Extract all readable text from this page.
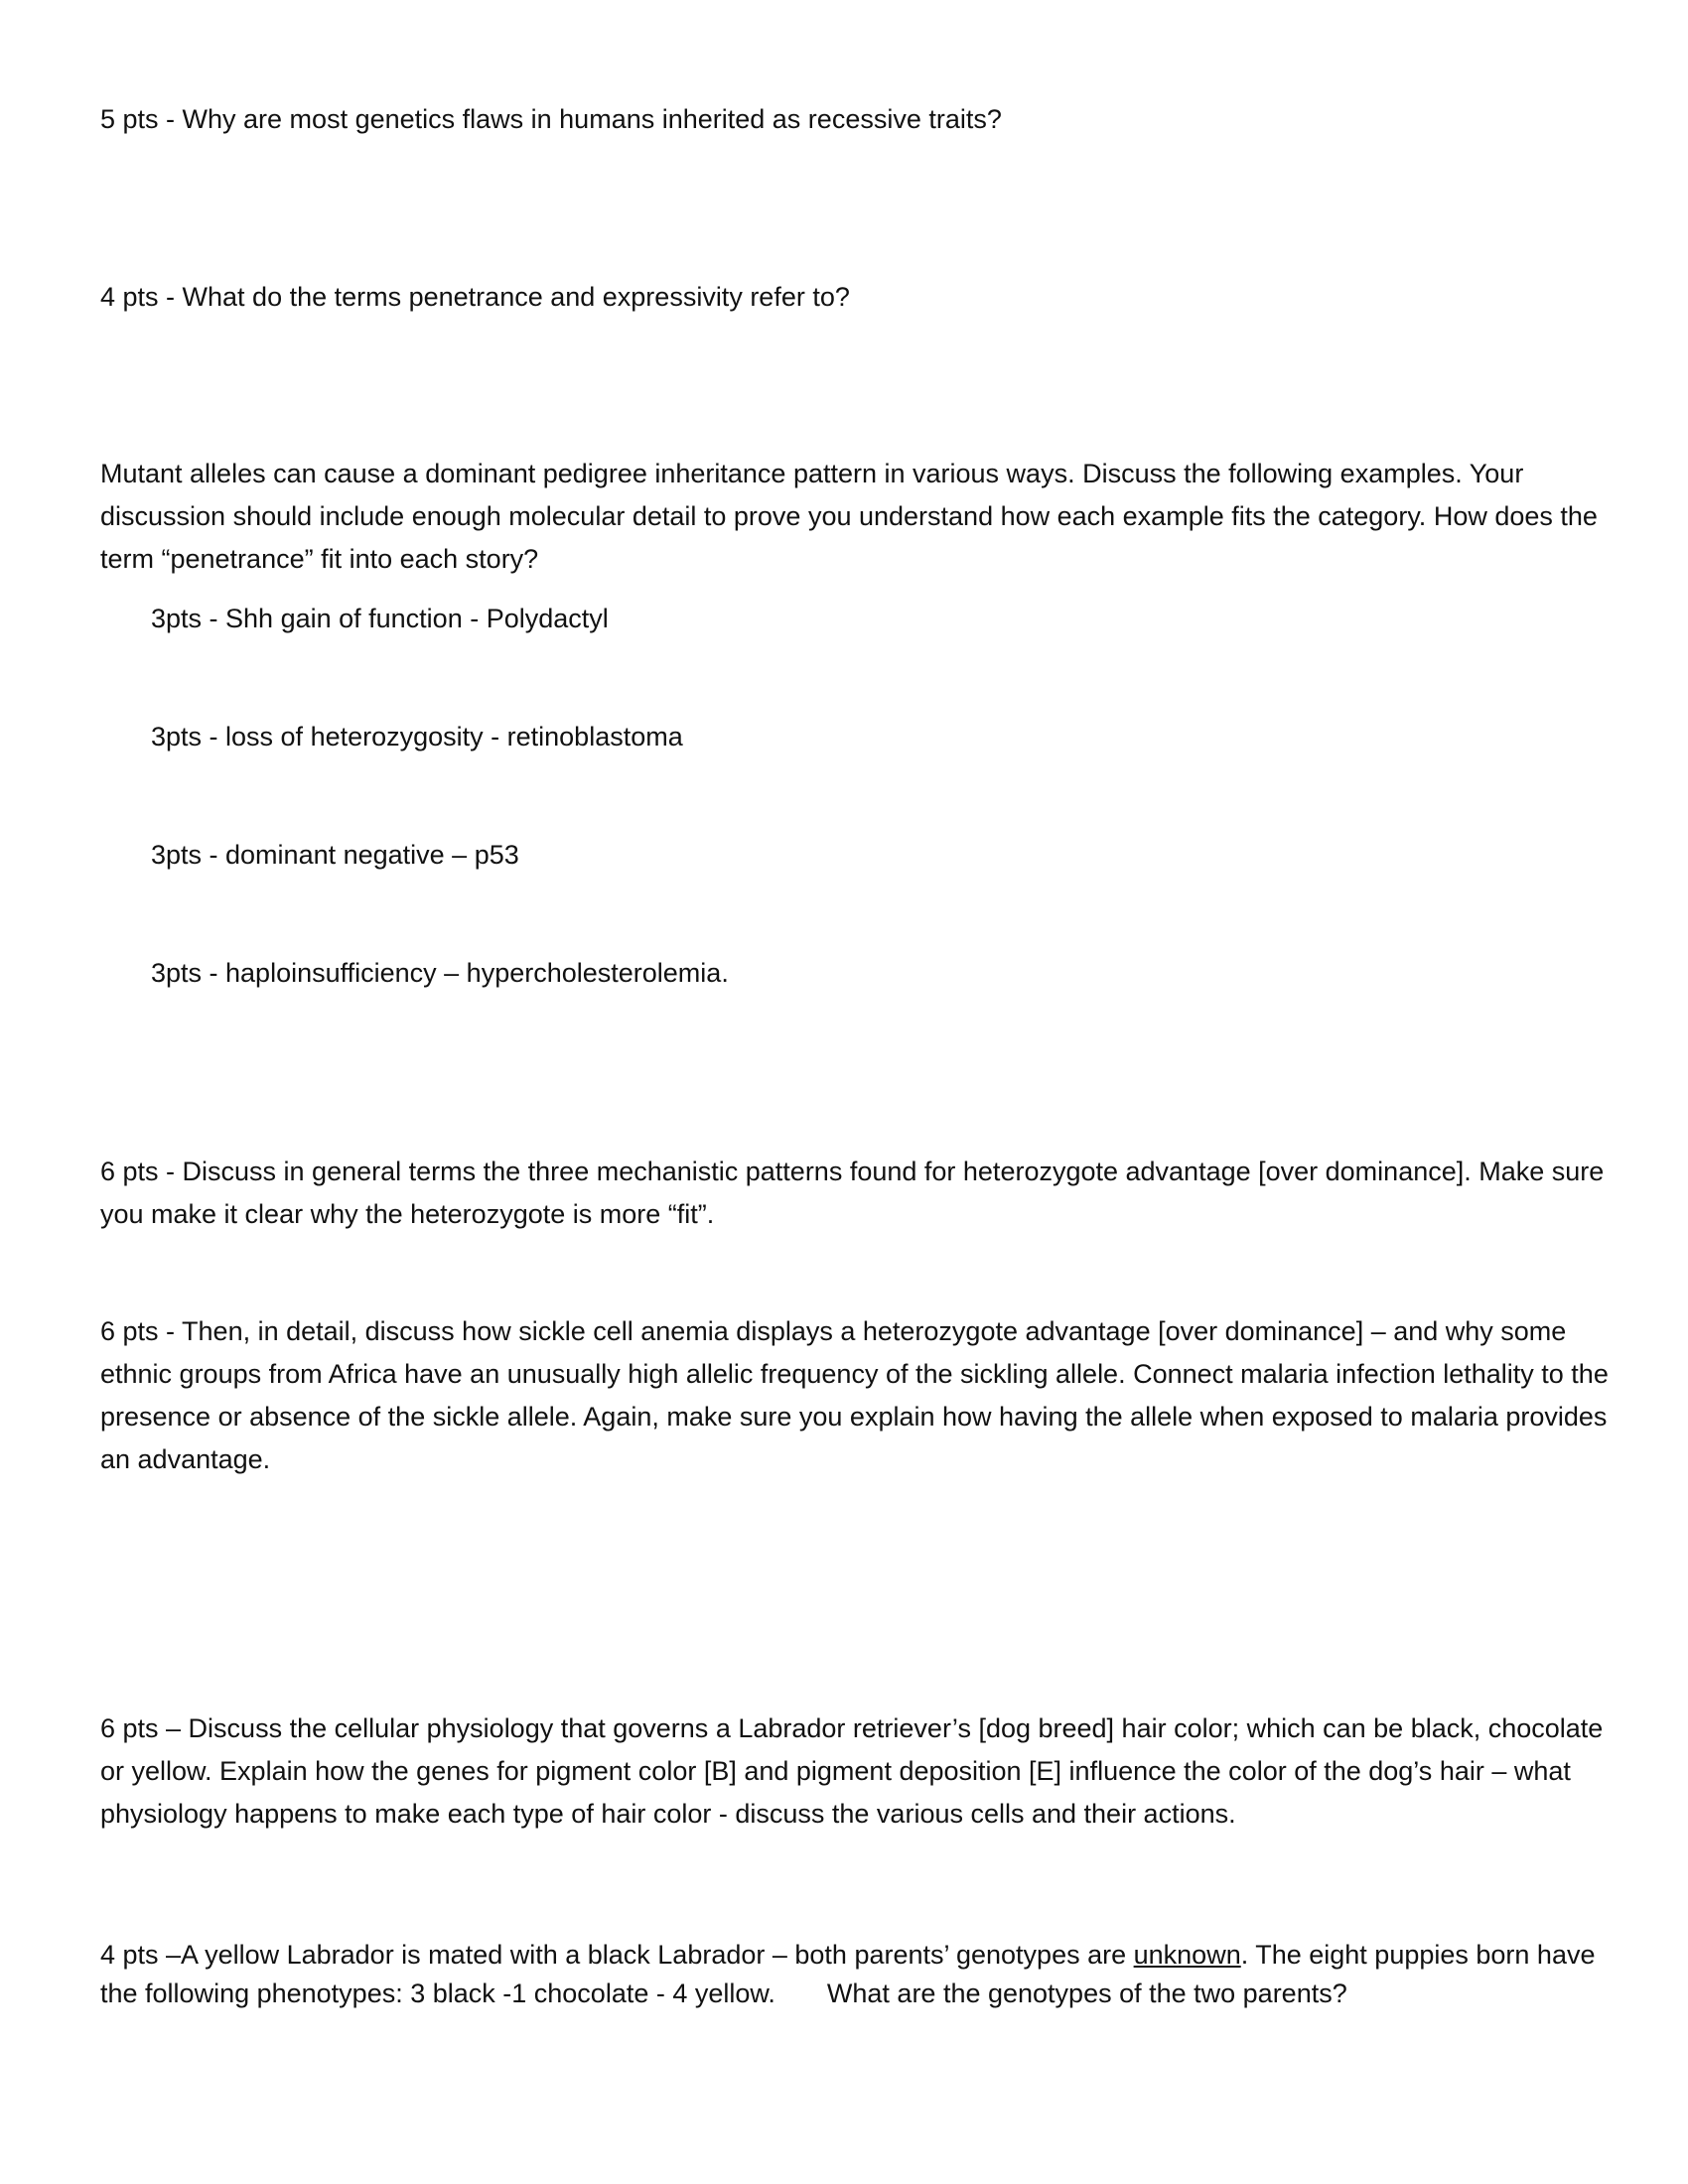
5 pts - Why are most genetics flaws in humans inherited as recessive traits?

4 pts - What do the terms penetrance and expressivity refer to?

Mutant alleles can cause a dominant pedigree inheritance pattern in various ways. Discuss the following examples. Your discussion should include enough molecular detail to prove you understand how each example fits the category. How does the term “penetrance” fit into each story?

3pts - Shh gain of function - Polydactyl

3pts - loss of heterozygosity - retinoblastoma

3pts - dominant negative – p53

3pts - haploinsufficiency – hypercholesterolemia.

6 pts - Discuss in general terms the three mechanistic patterns found for heterozygote advantage [over dominance]. Make sure you make it clear why the heterozygote is more “fit”.

6 pts - Then, in detail, discuss how sickle cell anemia displays a heterozygote advantage [over dominance] – and why some ethnic groups from Africa have an unusually high allelic frequency of the sickling allele. Connect malaria infection lethality to the presence or absence of the sickle allele. Again, make sure you explain how having the allele when exposed to malaria provides an advantage.

6 pts – Discuss the cellular physiology that governs a Labrador retriever’s [dog breed] hair color; which can be black, chocolate or yellow. Explain how the genes for pigment color [B] and pigment deposition [E] influence the color of the dog’s hair – what physiology happens to make each type of hair color - discuss the various cells and their actions.

4 pts –A yellow Labrador is mated with a black Labrador – both parents’ genotypes are unknown. The eight puppies born have the following phenotypes: 3 black -1 chocolate - 4 yellow. What are the genotypes of the two parents?
